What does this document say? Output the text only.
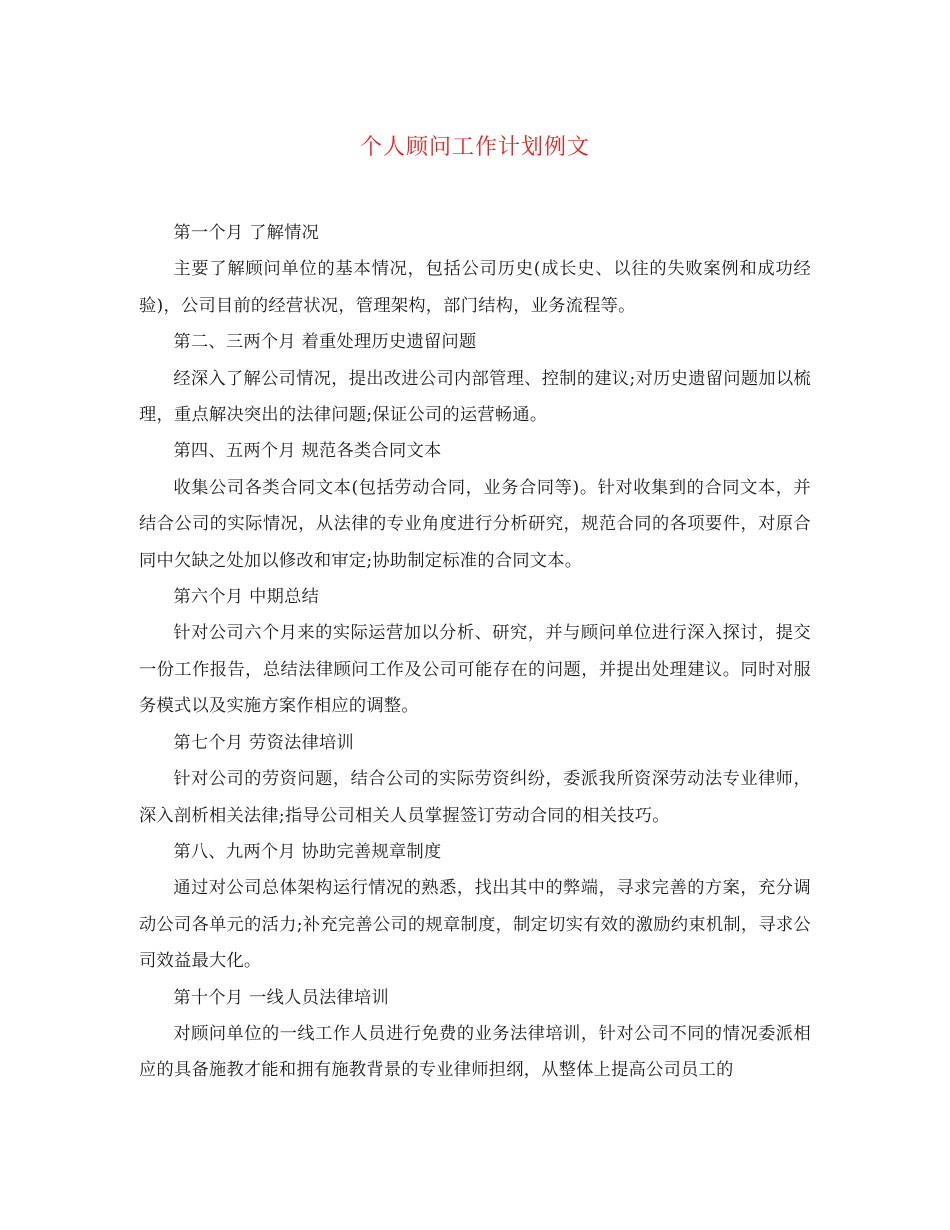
个人顾问工作计划例文

第一个月 了解情况

主要了解顾问单位的基本情况，包括公司历史(成长史、以往的失败案例和成功经验)，公司目前的经营状况，管理架构，部门结构，业务流程等。

第二、三两个月 着重处理历史遗留问题

经深入了解公司情况，提出改进公司内部管理、控制的建议;对历史遗留问题加以梳理，重点解决突出的法律问题;保证公司的运营畅通。

第四、五两个月 规范各类合同文本

收集公司各类合同文本(包括劳动合同，业务合同等)。针对收集到的合同文本，并结合公司的实际情况，从法律的专业角度进行分析研究，规范合同的各项要件，对原合同中欠缺之处加以修改和审定;协助制定标准的合同文本。

第六个月 中期总结

针对公司六个月来的实际运营加以分析、研究，并与顾问单位进行深入探讨，提交一份工作报告，总结法律顾问工作及公司可能存在的问题，并提出处理建议。同时对服务模式以及实施方案作相应的调整。

第七个月 劳资法律培训

针对公司的劳资问题，结合公司的实际劳资纠纷，委派我所资深劳动法专业律师，深入剖析相关法律;指导公司相关人员掌握签订劳动合同的相关技巧。

第八、九两个月 协助完善规章制度

通过对公司总体架构运行情况的熟悉，找出其中的弊端，寻求完善的方案，充分调动公司各单元的活力;补充完善公司的规章制度，制定切实有效的激励约束机制，寻求公司效益最大化。

第十个月 一线人员法律培训

对顾问单位的一线工作人员进行免费的业务法律培训，针对公司不同的情况委派相应的具备施教才能和拥有施教背景的专业律师担纲，从整体上提高公司员工的
